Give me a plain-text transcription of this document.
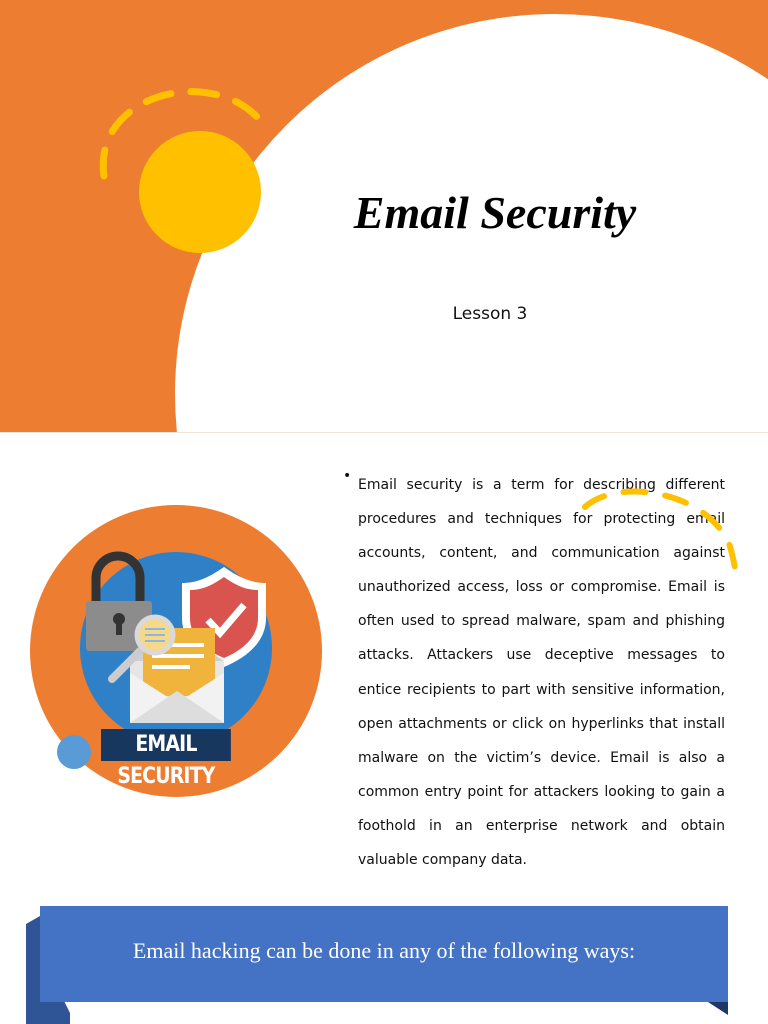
Email Security
Lesson 3
EMAIL SECURITY
•

Email security is a term for describing different procedures and techniques for protecting email accounts, content, and communication against unauthorized access, loss or compromise. Email is often used to spread malware, spam and phishing attacks. Attackers use deceptive messages to entice recipients to part with sensitive information, open attachments or click on hyperlinks that install malware on the victim’s device. Email is also a common entry point for attackers looking to gain a foothold in an enterprise network and obtain valuable company data.

Email hacking can be done in any of the following ways:
